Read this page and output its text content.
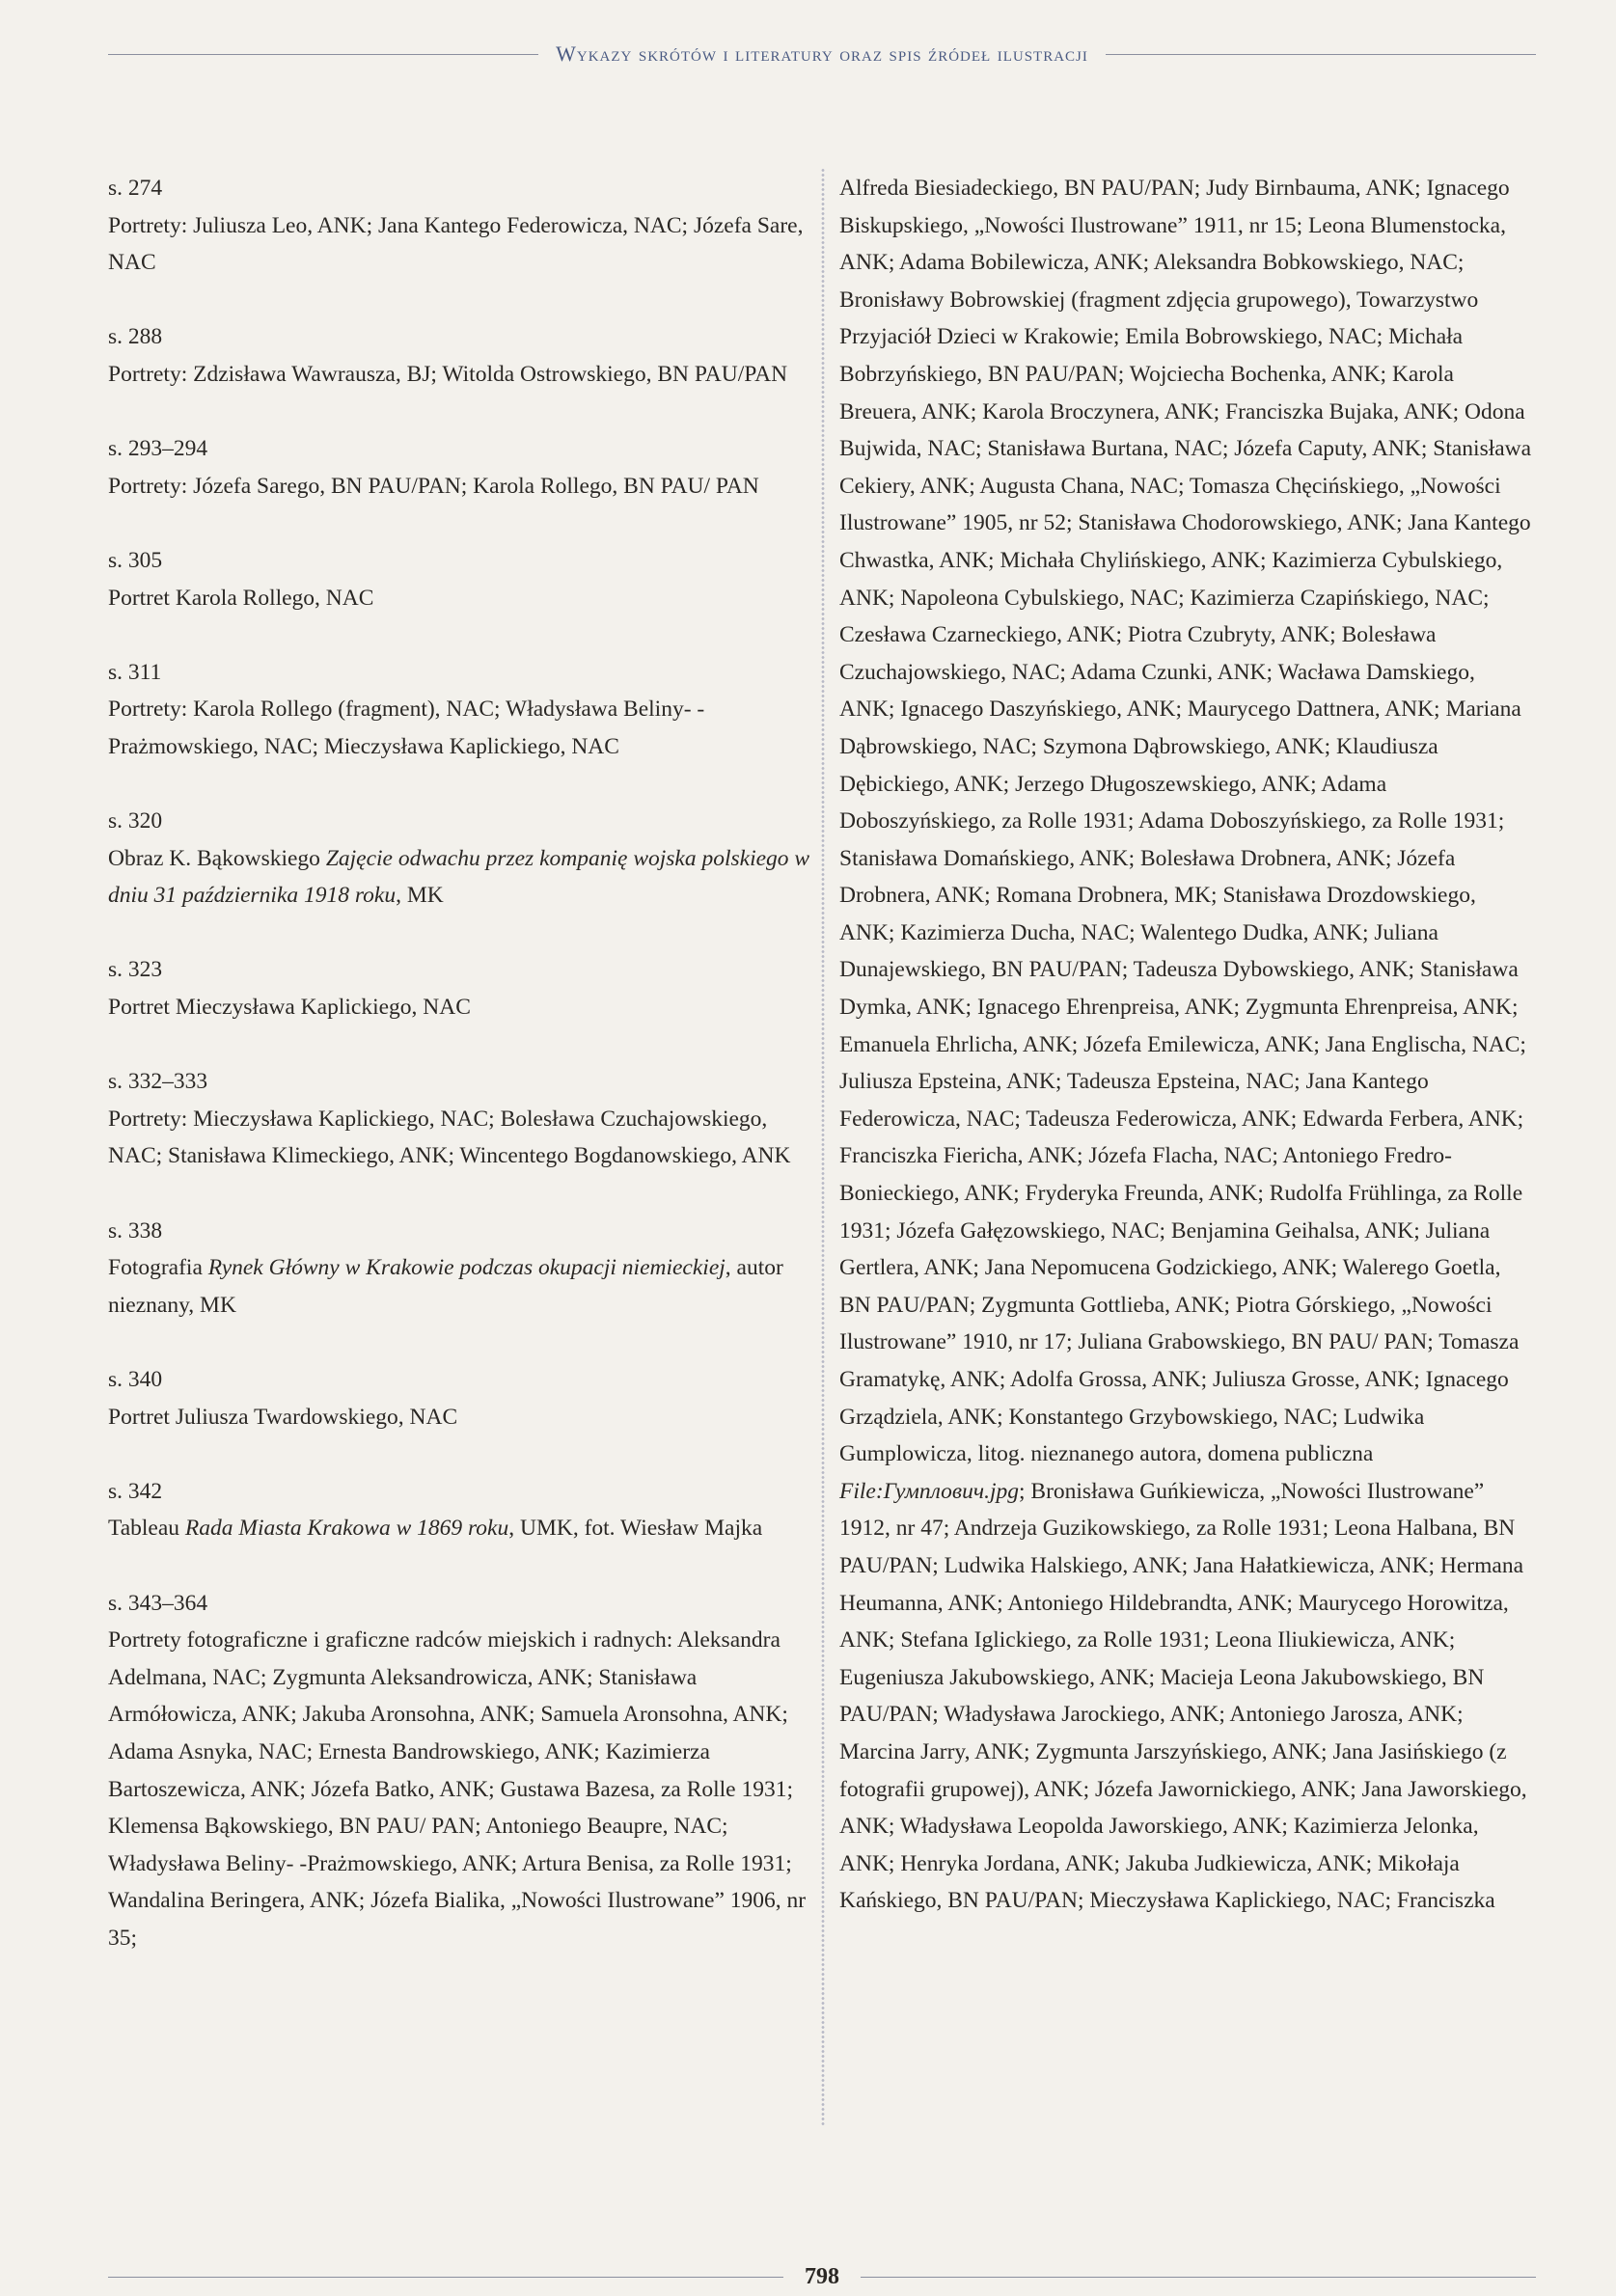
Wykazy skrótów i literatury oraz spis źródeł ilustracji
s. 274

Portrety: Juliusza Leo, ANK; Jana Kantego Federowicza, NAC; Józefa Sare, NAC

s. 288

Portrety: Zdzisława Wawrausza, BJ; Witolda Ostrowskiego, BN PAU/PAN

s. 293–294

Portrety: Józefa Sarego, BN PAU/PAN; Karola Rollego, BN PAU/ PAN

s. 305

Portret Karola Rollego, NAC

s. 311

Portrety: Karola Rollego (fragment), NAC; Władysława Beliny- -Prażmowskiego, NAC; Mieczysława Kaplickiego, NAC

s. 320

Obraz K. Bąkowskiego Zajęcie odwachu przez kompanię wojska polskiego w dniu 31 października 1918 roku, MK

s. 323

Portret Mieczysława Kaplickiego, NAC

s. 332–333

Portrety: Mieczysława Kaplickiego, NAC; Bolesława Czuchajowskiego, NAC; Stanisława Klimeckiego, ANK; Wincentego Bogdanowskiego, ANK

s. 338

Fotografia Rynek Główny w Krakowie podczas okupacji niemieckiej, autor nieznany, MK

s. 340

Portret Juliusza Twardowskiego, NAC

s. 342

Tableau Rada Miasta Krakowa w 1869 roku, UMK, fot. Wiesław Majka

s. 343–364

Portrety fotograficzne i graficzne radców miejskich i radnych: Aleksandra Adelmana, NAC; Zygmunta Aleksandrowicza, ANK; Stanisława Armółowicza, ANK; Jakuba Aronsohna, ANK; Samuela Aronsohna, ANK; Adama Asnyka, NAC; Ernesta Bandrowskiego, ANK; Kazimierza Bartoszewicza, ANK; Józefa Batko, ANK; Gustawa Bazesa, za Rolle 1931; Klemensa Bąkowskiego, BN PAU/ PAN; Antoniego Beaupre, NAC; Władysława Beliny- -Prażmowskiego, ANK; Artura Benisa, za Rolle 1931; Wandalina Beringera, ANK; Józefa Bialika, „Nowości Ilustrowane” 1906, nr 35;

Alfreda Biesiadeckiego, BN PAU/PAN; Judy Birnbauma, ANK; Ignacego Biskupskiego, „Nowości Ilustrowane” 1911, nr 15; Leona Blumenstocka, ANK; Adama Bobilewicza, ANK; Aleksandra Bobkowskiego, NAC; Bronisławy Bobrowskiej (fragment zdjęcia grupowego), Towarzystwo Przyjaciół Dzieci w Krakowie; Emila Bobrowskiego, NAC; Michała Bobrzyńskiego, BN PAU/PAN; Wojciecha Bochenka, ANK; Karola Breuera, ANK; Karola Broczynera, ANK; Franciszka Bujaka, ANK; Odona Bujwida, NAC; Stanisława Burtana, NAC; Józefa Caputy, ANK; Stanisława Cekiery, ANK; Augusta Chana, NAC; Tomasza Chęcińskiego, „Nowości Ilustrowane” 1905, nr 52; Stanisława Chodorowskiego, ANK; Jana Kantego Chwastka, ANK; Michała Chylińskiego, ANK; Kazimierza Cybulskiego, ANK; Napoleona Cybulskiego, NAC; Kazimierza Czapińskiego, NAC; Czesława Czarneckiego, ANK; Piotra Czubryty, ANK; Bolesława Czuchajowskiego, NAC; Adama Czunki, ANK; Wacława Damskiego, ANK; Ignacego Daszyńskiego, ANK; Maurycego Dattnera, ANK; Mariana Dąbrowskiego, NAC; Szymona Dąbrowskiego, ANK; Klaudiusza Dębickiego, ANK; Jerzego Długoszewskiego, ANK; Adama Doboszyńskiego, za Rolle 1931; Adama Doboszyńskiego, za Rolle 1931; Stanisława Domańskiego, ANK; Bolesława Drobnera, ANK; Józefa Drobnera, ANK; Romana Drobnera, MK; Stanisława Drozdowskiego, ANK; Kazimierza Ducha, NAC; Walentego Dudka, ANK; Juliana Dunajewskiego, BN PAU/PAN; Tadeusza Dybowskiego, ANK; Stanisława Dymka, ANK; Ignacego Ehrenpreisa, ANK; Zygmunta Ehrenpreisa, ANK; Emanuela Ehrlicha, ANK; Józefa Emilewicza, ANK; Jana Englischa, NAC; Juliusza Epsteina, ANK; Tadeusza Epsteina, NAC; Jana Kantego Federowicza, NAC; Tadeusza Federowicza, ANK; Edwarda Ferbera, ANK; Franciszka Fiericha, ANK; Józefa Flacha, NAC; Antoniego Fredro-Bonieckiego, ANK; Fryderyka Freunda, ANK; Rudolfa Frühlinga, za Rolle 1931; Józefa Gałęzowskiego, NAC; Benjamina Geihalsa, ANK; Juliana Gertlera, ANK; Jana Nepomucena Godzickiego, ANK; Walerego Goetla, BN PAU/PAN; Zygmunta Gottlieba, ANK; Piotra Górskiego, „Nowości Ilustrowane” 1910, nr 17; Juliana Grabowskiego, BN PAU/ PAN; Tomasza Gramatykę, ANK; Adolfa Grossa, ANK; Juliusza Grosse, ANK; Ignacego Grządziela, ANK; Konstantego Grzybowskiego, NAC; Ludwika Gumplowicza, litog. nieznanego autora, domena publiczna File:Гумплович.jpg; Bronisława Guńkiewicza, „Nowości Ilustrowane” 1912, nr 47; Andrzeja Guzikowskiego, za Rolle 1931; Leona Halbana, BN PAU/PAN; Ludwika Halskiego, ANK; Jana Hałatkiewicza, ANK; Hermana Heumanna, ANK; Antoniego Hildebrandta, ANK; Maurycego Horowitza, ANK; Stefana Iglickiego, za Rolle 1931; Leona Iliukiewicza, ANK; Eugeniusza Jakubowskiego, ANK; Macieja Leona Jakubowskiego, BN PAU/PAN; Władysława Jarockiego, ANK; Antoniego Jarosza, ANK; Marcina Jarry, ANK; Zygmunta Jarszyńskiego, ANK; Jana Jasińskiego (z fotografii grupowej), ANK; Józefa Jawornickiego, ANK; Jana Jaworskiego, ANK; Władysława Leopolda Jaworskiego, ANK; Kazimierza Jelonka, ANK; Henryka Jordana, ANK; Jakuba Judkiewicza, ANK; Mikołaja Kańskiego, BN PAU/PAN; Mieczysława Kaplickiego, NAC; Franciszka

798
